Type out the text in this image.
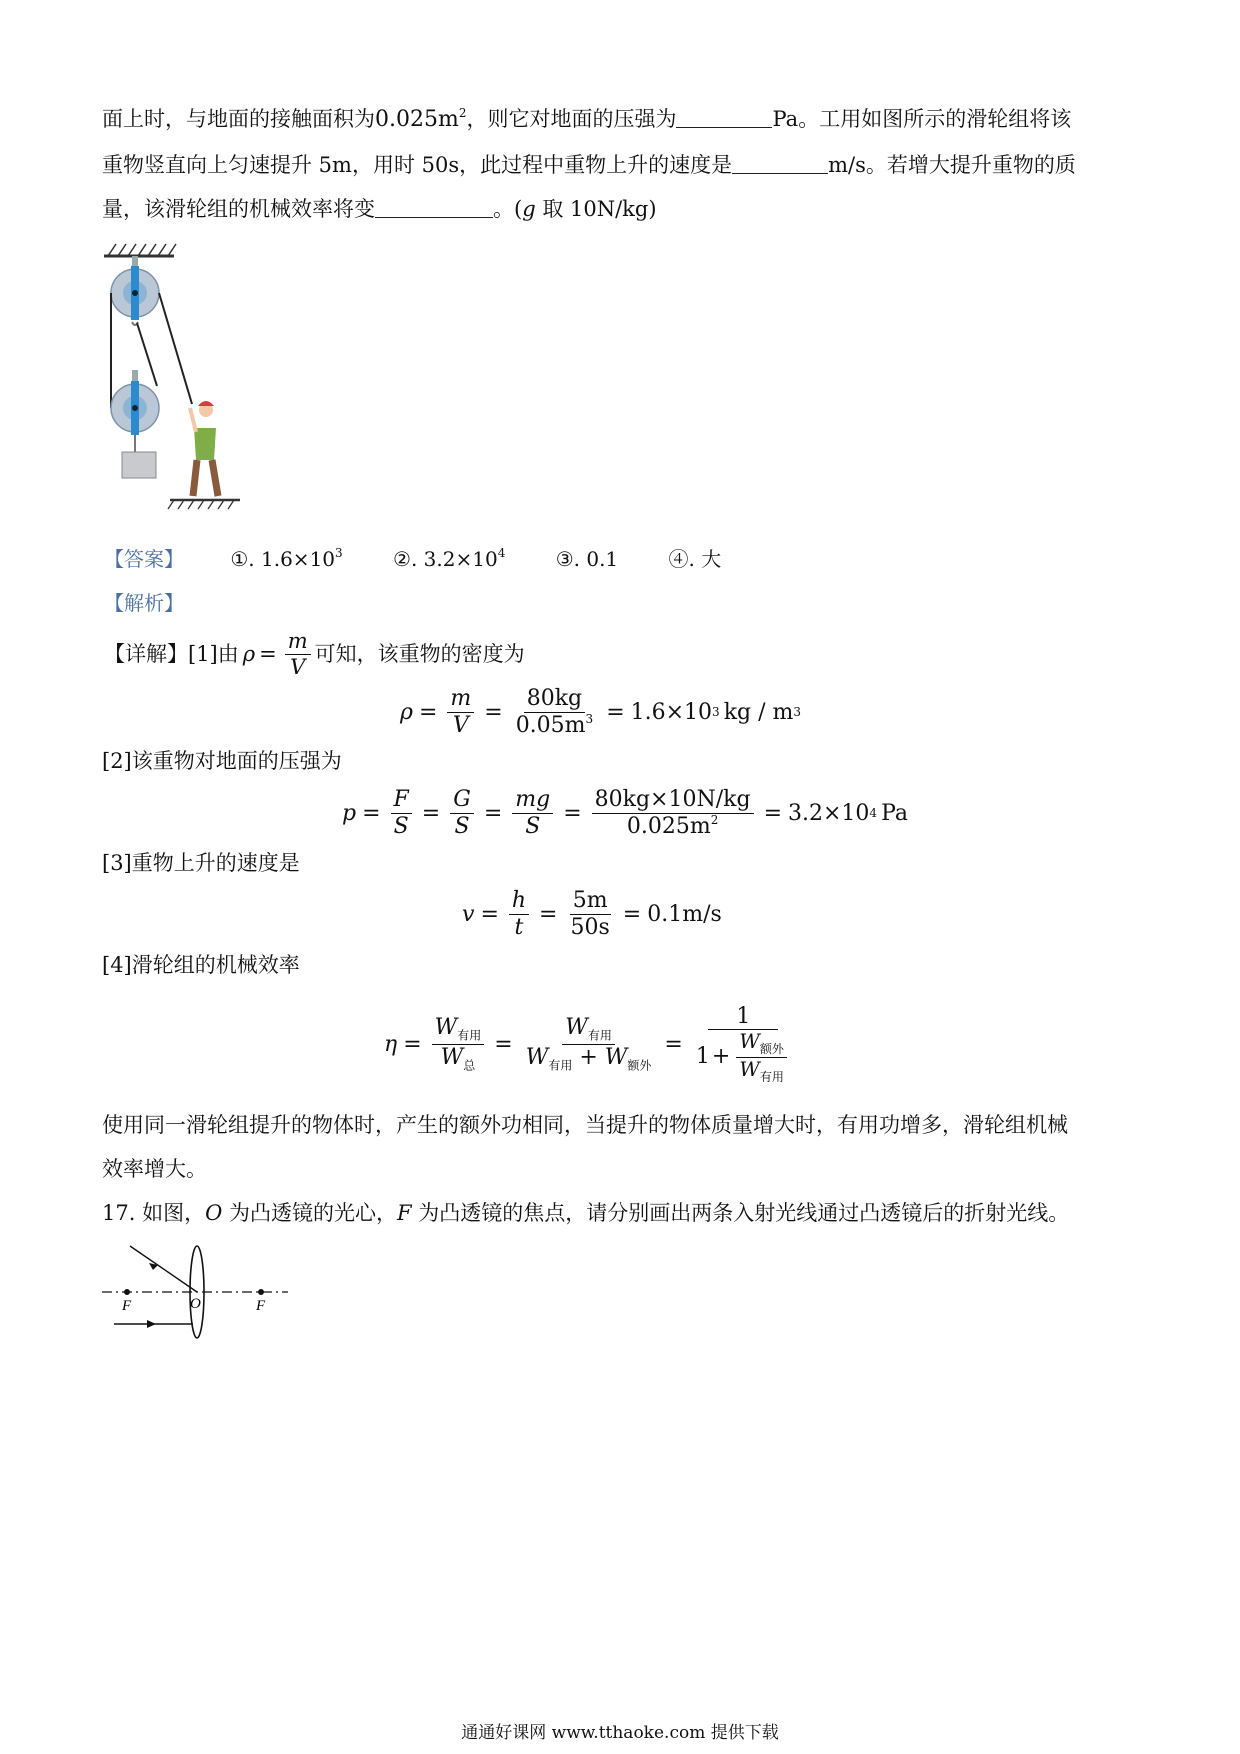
面上时，与地面的接触面积为$0.025m^2$，则它对地面的压强为	Pa。工用如图所示的滑轮组将该
重物竖直向上匀速提升 5m，用时 50s，此过程中重物上升的速度是	m/s。若增大提升重物的质
量，该滑轮组的机械效率将变	。(g 取 10N/kg)
【答案】 ①. $1.6\times 10^3$	②. $3.2\times 10^4$	③. 0.1	④. 大
【解析】
【详解】[1]由 $\rho = \frac{m}{V}$ 可知，该重物的密度为
$\rho = \frac{m}{V} = \frac{80kg}{0.05m^3} = 1.6\times 10$ 3 kg / m 3
[2]该重物对地面的压强为
$p = \frac{F}{S} = \frac{G}{S} = \frac{mg}{S} = \frac{80kg\times 10N/kg}{0.025m^2} = 3.2\times 10$ 4 Pa
[3]重物上升的速度是
$v = \frac{h}{t} = \frac{5m}{50s} = 0.1m/s$
[4]滑轮组的机械效率
$\eta = \frac{W_{有用}}{W_总} = \frac{W_{有用}}{W_{有用} + W_{额外}} = \frac{1}{1 + \frac{W_{额外}}{W_{有用}}}$
使用同一滑轮组提升的物体时，产生的额外功相同，当提升的物体质量增大时，有用功增多，滑轮组机械
效率增大。
17. 如图，O 为凸透镜的光心，F 为凸透镜的焦点，请分别画出两条入射光线通过凸透镜后的折射光线。
F	O	F
通通好课网 www.tthaoke.com 提供下载
